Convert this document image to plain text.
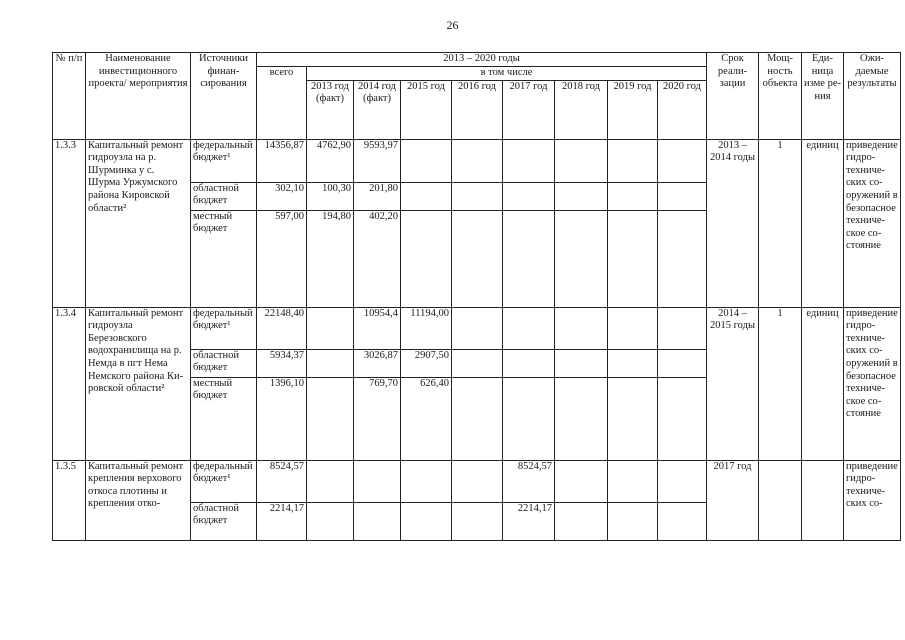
26
№ п/п	Наименование инвестиционного проекта/ мероприятия	Источники финансирования	2013 – 2020 годы									Срок реализации	Мощность объекта	Единица изме рения	Ожидаемые результаты
			всего	в том числе											
				2013 год (факт)	2014 год (факт)	2015 год	2016 год	2017 год	2018 год	2019 год	2020 год				
1.3.3	Капитальный ремонт гидроузла на р. Шурминка у с. Шурма Уржумского района Кировской области²	федеральный бюджет¹	14356,87	4762,90	9593,97							2013 – 2014 годы	1	единиц	приведение гидротехнических сооружений в безопасное техническое состояние
		областной бюджет	302,10	100,30	201,80										
		местный бюджет	597,00	194,80	402,20										
1.3.4	Капитальный ремонт гидроузла Березовского водохранилища на р. Немда в пгт Нема Немского района Кировской области²	федеральный бюджет¹	22148,40		10954,4	11194,00						2014 – 2015 годы	1	единиц	приведение гидротехнических сооружений в безопасное техническое состояние
		областной бюджет	5934,37		3026,87	2907,50									
		местный бюджет	1396,10		769,70	626,40									
1.3.5	Капитальный ремонт крепления верхового откоса плотины и крепления отко-	федеральный бюджет¹	8524,57					8524,57				2017 год			приведение гидротехнических со-
		областной бюджет	2214,17					2214,17							
